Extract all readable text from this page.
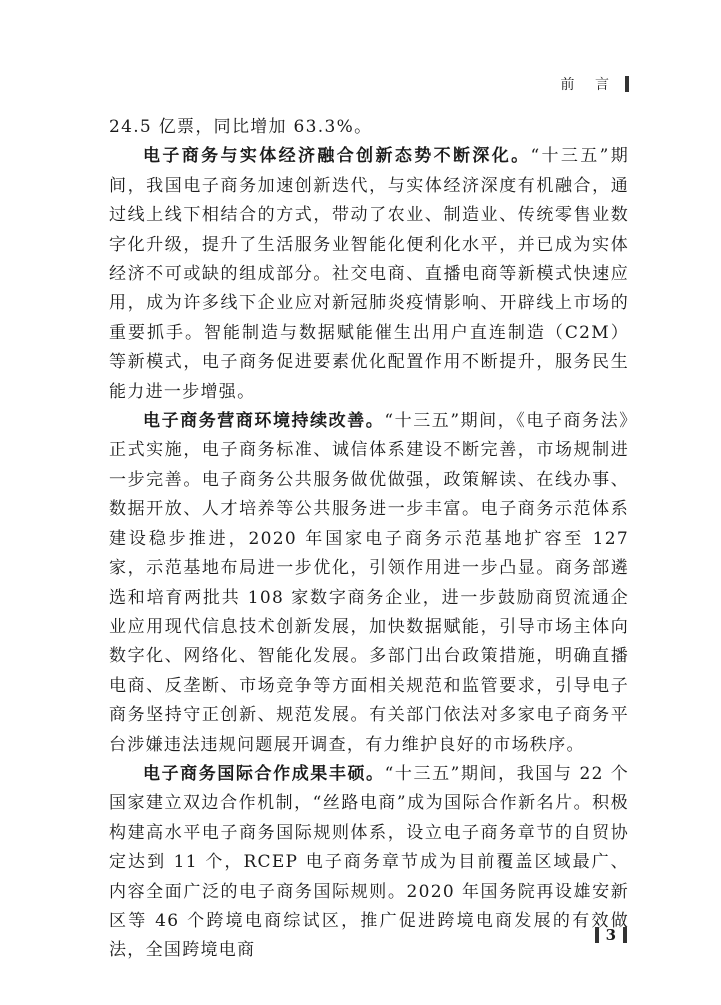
前 言

24.5 亿票，同比增加 63.3%。

电子商务与实体经济融合创新态势不断深化。“十三五”期间，我国电子商务加速创新迭代，与实体经济深度有机融合，通过线上线下相结合的方式，带动了农业、制造业、传统零售业数字化升级，提升了生活服务业智能化便利化水平，并已成为实体经济不可或缺的组成部分。社交电商、直播电商等新模式快速应用，成为许多线下企业应对新冠肺炎疫情影响、开辟线上市场的重要抓手。智能制造与数据赋能催生出用户直连制造（C2M）等新模式，电子商务促进要素优化配置作用不断提升，服务民生能力进一步增强。

电子商务营商环境持续改善。“十三五”期间，《电子商务法》正式实施，电子商务标准、诚信体系建设不断完善，市场规制进一步完善。电子商务公共服务做优做强，政策解读、在线办事、数据开放、人才培养等公共服务进一步丰富。电子商务示范体系建设稳步推进，2020 年国家电子商务示范基地扩容至 127 家，示范基地布局进一步优化，引领作用进一步凸显。商务部遴选和培育两批共 108 家数字商务企业，进一步鼓励商贸流通企业应用现代信息技术创新发展，加快数据赋能，引导市场主体向数字化、网络化、智能化发展。多部门出台政策措施，明确直播电商、反垄断、市场竞争等方面相关规范和监管要求，引导电子商务坚持守正创新、规范发展。有关部门依法对多家电子商务平台涉嫌违法违规问题展开调查，有力维护良好的市场秩序。

电子商务国际合作成果丰硕。“十三五”期间，我国与 22 个国家建立双边合作机制，“丝路电商”成为国际合作新名片。积极构建高水平电子商务国际规则体系，设立电子商务章节的自贸协定达到 11 个，RCEP 电子商务章节成为目前覆盖区域最广、内容全面广泛的电子商务国际规则。2020 年国务院再设雄安新区等 46 个跨境电商综试区，推广促进跨境电商发展的有效做法，全国跨境电商

3
